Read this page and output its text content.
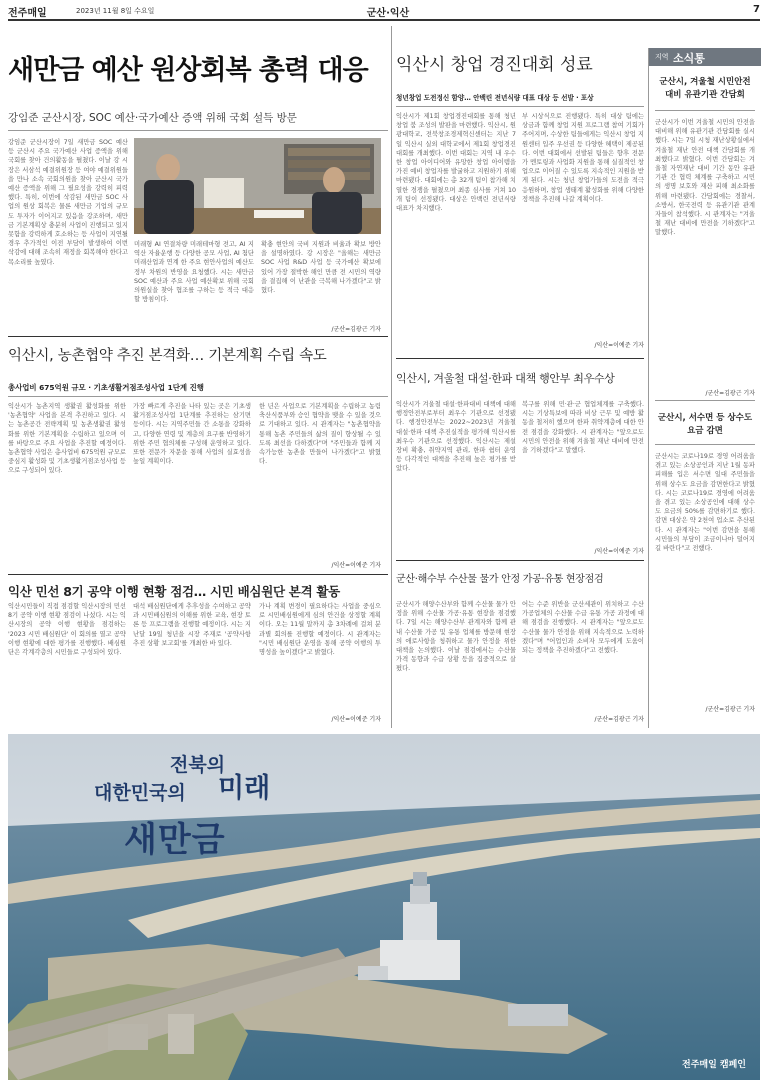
전주매일	2023년 11월 8일 수요일	군산·익산	7
새만금 예산 원상회복 총력 대응
강임준 군산시장, SOC 예산·국가예산 증액 위해 국회 설득 방문
강임준 군산시장이 7일 새만금 SOC 예산 등 군산시 주요 국가예산 사업 증액을 위해 국회를 찾아 건의활동을 펼쳤다. 이날 강 시장은 서삼석 예결위원장 등 여야 예결위원들을 만나 소속 국회의원을 찾아 군산시 국가예산 증액을 위해 그 필요성을 강력히 피력했다. 특히, 이번에 삭감된 새만금 SOC 사업의 원상 회복은 물론 새만금 기업의 규모도 투자가 이어지고 있음을 강조하며, 새만금 기본계획상 충분히 사업이 진행되고 있지 못함을 강력하게 호소하는 등 사업이 지연될 경우 추가적인 이전 부담이 발생하여 이번 삭감에 대해 조속히 재정을 회복해야 한다고 목소리를 높였다.
미래형 AI 연결차량 미래테마형 전고, AI 지역산 자율운행 등 다양한 공모 사업, AI 첨단미래산업과 연계 한 주요 현안사업의 예산도 정부 차원의 반영을 요청했다. 시는 새만금 SOC 예산과 주요 사업 예산확보 위해 국회 의원실을 찾아 협조를 구하는 등 적극 대응 할 방침이다.
확충 현안의 국비 지원과 비율과 확보 방안을 설명하였다. 강 시장은 "올해는 새만금 SOC 사업 R&D 사업 등 국가예산 확보에 있어 가장 절박한 해인 만큼 전 시민의 역량을 결집해 이 난관을 극복해 나가겠다"고 밝혔다.
/군산=김광근 기자
익산시, 농촌협약 추진 본격화… 기본계획 수립 속도
총사업비 675억원 규모 · 기초생활거점조성사업 1단계 진행
익산시가 농촌지역 생활권 활성화를 위한 '농촌협약' 사업을 본격 추진하고 있다. 시는 농촌공간 전략계획 및 농촌생활권 활성화를 위한 기본계획을 수립하고 있으며 이를 바탕으로 주요 사업을 추진할 예정이다. 농촌협약 사업은 총사업비 675억원 규모로 중심지 활성화 및 기초생활거점조성사업 등으로 구성되어 있다.
가장 빠르게 추진을 나타 있는 곳은 기초생활거점조성사업 1단계를 추진하는 삼기면 등이다. 시는 지역주민들 간 소통을 강화하고, 다양한 연령 및 계층의 요구를 반영하기 위한 주민 협의체를 구성해 운영하고 있다. 또한 전문가 자문을 통해 사업의 실효성을 높일 계획이다.
한 년은 사업으로 기본계획을 수립하고 농림축산식품부와 승인 협약을 맺을 수 있을 것으로 기대하고 있다. 시 관계자는 "농촌협약을 통해 농촌 주민들의 삶의 질이 향상될 수 있도록 최선을 다하겠다"며 "주민들과 함께 지속가능한 농촌을 만들어 나가겠다"고 밝혔다.
/익산=이예준 기자
익산 민선 8기 공약 이행 현황 점검… 시민 배심원단 본격 활동
익산시민들이 직접 점검할 익산시장의 민선 8기 공약 이행 현황 점검이 나섰다. 시는 익산시장의 공약 이행 현황을 점검하는 '2023 시민 배심원단' 이 회의를 열고 공약 이행 현황에 대한 평가를 진행했다. 배심원단은 각계각층의 시민들로 구성되어 있다.
대석 배심원단에게 추후성을 수여하고 공약과 시민배심원의 이해를 위한 교육, 현장 토론 등 프로그램을 진행할 예정이다. 시는 지난달 19일 청년을 시장 주재로 '공약사항 추진 상황 보고회'를 개최한 바 있다.
가나 계획 변경이 필요하다는 사업을 중심으로 시민배심원에게 심의 안건을 상정할 계획이다. 오는 11월 말까지 총 3차례에 걸쳐 분과별 회의를 진행할 예정이다. 시 관계자는 "시민 배심원단 운영을 통해 공약 이행의 투명성을 높이겠다"고 밝혔다.
/익산=이예준 기자
익산시 창업 경진대회 성료
청년창업 도전정신 함양… 안백린 전년식량 대표 대상 등 선발 · 포상
익산시가 제1회 창업경진대회를 통해 청년창업 붐 조성의 발판을 마련했다. 익산시, 원광대학교, 전북창조경제혁신센터는 지난 7일 익산시 실외 대학교에서 제1회 창업경진대회를 개최했다. 이번 대회는 지역 내 우수한 창업 아이디어와 유망한 창업 아이템을 가진 예비 창업자를 발굴하고 지원하기 위해 마련됐다. 대회에는 총 32개 팀이 참가해 치열한 경쟁을 펼쳤으며 최종 심사를 거쳐 10개 팀이 선정됐다. 대상은 안백린 전년식량 대표가 차지했다.
부 시상식으로 진행됐다. 특히 대상 팀에는 상금과 함께 창업 지원 프로그램 참여 기회가 주어지며, 수상한 팀들에게는 익산시 창업 지원센터 입주 우선권 등 다양한 혜택이 제공된다. 이번 대회에서 선발된 팀들은 향후 전문가 멘토링과 사업화 지원을 통해 실질적인 창업으로 이어질 수 있도록 지속적인 지원을 받게 된다. 시는 청년 창업가들의 도전을 적극 응원하며, 창업 생태계 활성화를 위해 다양한 정책을 추진해 나갈 계획이다.
/익산=이예준 기자
익산시, 겨울철 대설·한파 대책 행안부 최우수상
익산시가 겨울철 대설·한파대비 대책에 대해 행정안전부로부터 최우수 기관으로 선정됐다. 행정안전부는 2022~2023년 겨울철 대설·한파 대책 추진실적을 평가해 익산시를 최우수 기관으로 선정했다. 익산시는 제설 장비 확충, 취약지역 관리, 한파 쉼터 운영 등 다각적인 대책을 추진해 높은 평가를 받았다.
복구를 위해 민·관·군 협업체계를 구축했다. 시는 기상특보에 따라 비상 근무 및 예방 활동을 철저히 했으며 한파 취약계층에 대한 안전 점검을 강화했다. 시 관계자는 "앞으로도 시민의 안전을 위해 겨울철 재난 대비에 만전을 기하겠다"고 말했다.
/익산=이예준 기자
군산·해수부 수산물 물가 안정 가공·유통 현장점검
군산시가 해양수산부와 함께 수산물 물가 안정을 위해 수산물 가공·유통 현장을 점검했다. 7일 시는 해양수산부 관계자와 함께 관내 수산물 가공 및 유통 업체를 방문해 현장의 애로사항을 청취하고 물가 안정을 위한 대책을 논의했다. 이날 점검에서는 수산물 가격 동향과 수급 상황 등을 집중적으로 살폈다.
어는 수준 위반을 군산세관이 위치하고 수산가공업체의 수산물 수급 유통 가공 과정에 대해 점검을 진행했다. 시 관계자는 "앞으로도 수산물 물가 안정을 위해 지속적으로 노력하겠다"며 "어업인과 소비자 모두에게 도움이 되는 정책을 추진하겠다"고 전했다.
/군산=김광근 기자
지역 소식통
군산시, 겨울철 시민안전 대비 유관기관 간담회
군산시가 이번 겨울철 시민의 안전을 대비해 위해 유관기관 간담회를 실시했다. 시는 7일 시청 재난상황실에서 겨울철 재난 안전 대책 간담회를 개최했다고 밝혔다. 이번 간담회는 겨울철 자연재난 대비 기간 동안 유관기관 간 협력 체계를 구축하고 시민의 생명 보호와 재산 피해 최소화를 위해 마련됐다. 간담회에는 경찰서, 소방서, 한국전력 등 유관기관 관계자들이 참석했다. 시 관계자는 "겨울철 재난 대비에 만전을 기하겠다"고 말했다.
/군산=김광근 기자
군산시, 서수면 등 상수도 요금 감면
군산시는 코로나19로 경영 어려움을 겪고 있는 소상공인과 지난 1월 동파피해를 입은 서수면 일대 주민들을 위해 상수도 요금을 감면한다고 밝혔다. 시는 코로나19로 경영에 어려움을 겪고 있는 소상공인에 대해 상수도 요금의 50%를 감면하기로 했다. 감면 대상은 약 2천여 업소로 추산된다. 시 관계자는 "이번 감면을 통해 시민들의 부담이 조금이나마 덜어지길 바란다"고 전했다.
/군산=김광근 기자
전북의
대한민국의 미래
새만금
전주매일 캠페인
